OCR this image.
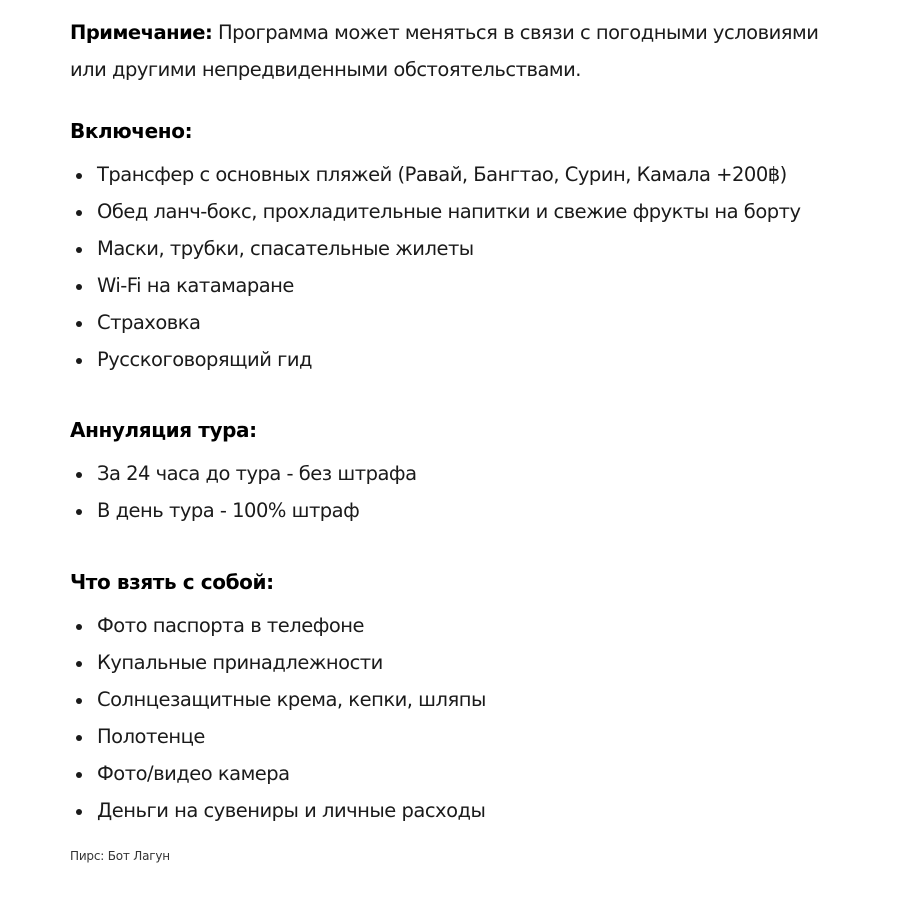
Примечание: Программа может меняться в связи с погодными условиями

или другими непредвиденными обстоятельствами.

Включено:
Трансфер с основных пляжей (Равай, Бангтао, Сурин, Камала +200฿)
Обед ланч-бокс, прохладительные напитки и свежие фрукты на борту
Маски, трубки, спасательные жилеты
Wi-Fi на катамаране
Страховка
Русскоговорящий гид
Аннуляция тура:
За 24 часа до тура - без штрафа
В день тура - 100% штраф
Что взять с собой:
Фото паспорта в телефоне
Купальные принадлежности
Солнцезащитные крема, кепки, шляпы
Полотенце
Фото/видео камера
Деньги на сувениры и личные расходы
Пирс: Бот Лагун
